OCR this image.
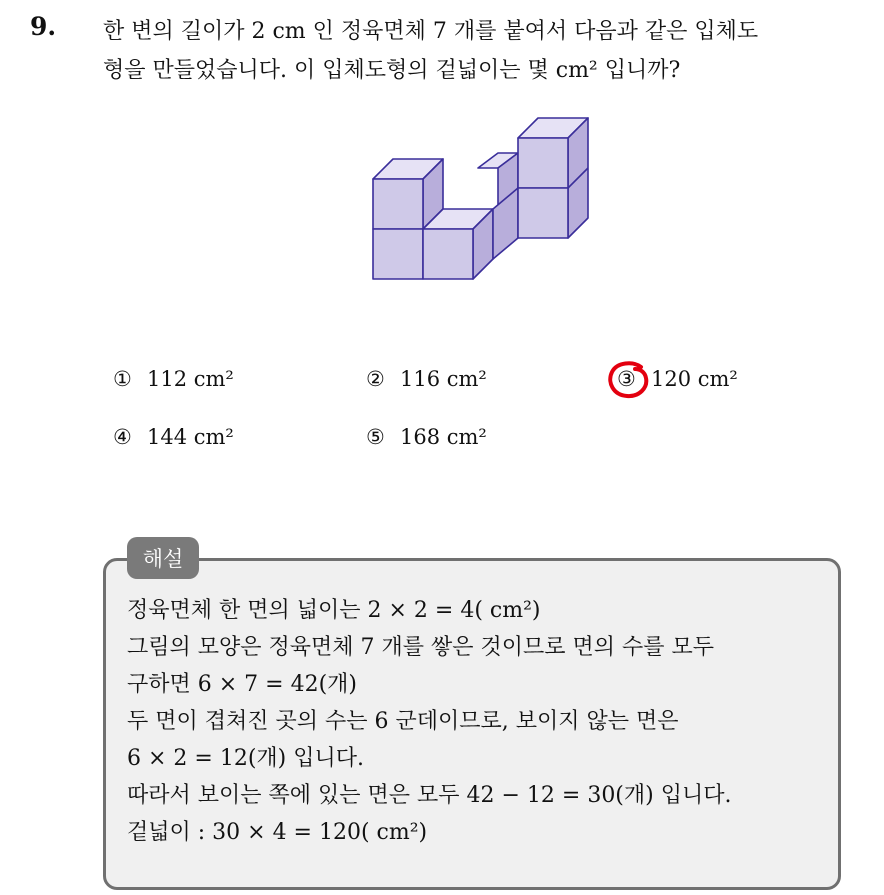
9. 한 변의 길이가 2 cm 인 정육면체 7 개를 붙여서 다음과 같은 입체도
형을 만들었습니다. 이 입체도형의 겉넓이는 몇 cm² 입니까?
① 112 cm²	② 116 cm²	③ 120 cm²
④ 144 cm²	⑤ 168 cm²
해설
정육면체 한 면의 넓이는 2 × 2 = 4( cm²)
그림의 모양은 정육면체 7 개를 쌓은 것이므로 면의 수를 모두
구하면 6 × 7 = 42(개)
두 면이 겹쳐진 곳의 수는 6 군데이므로, 보이지 않는 면은
6 × 2 = 12(개) 입니다.
따라서 보이는 쪽에 있는 면은 모두 42 − 12 = 30(개) 입니다.
겉넓이 : 30 × 4 = 120( cm²)
